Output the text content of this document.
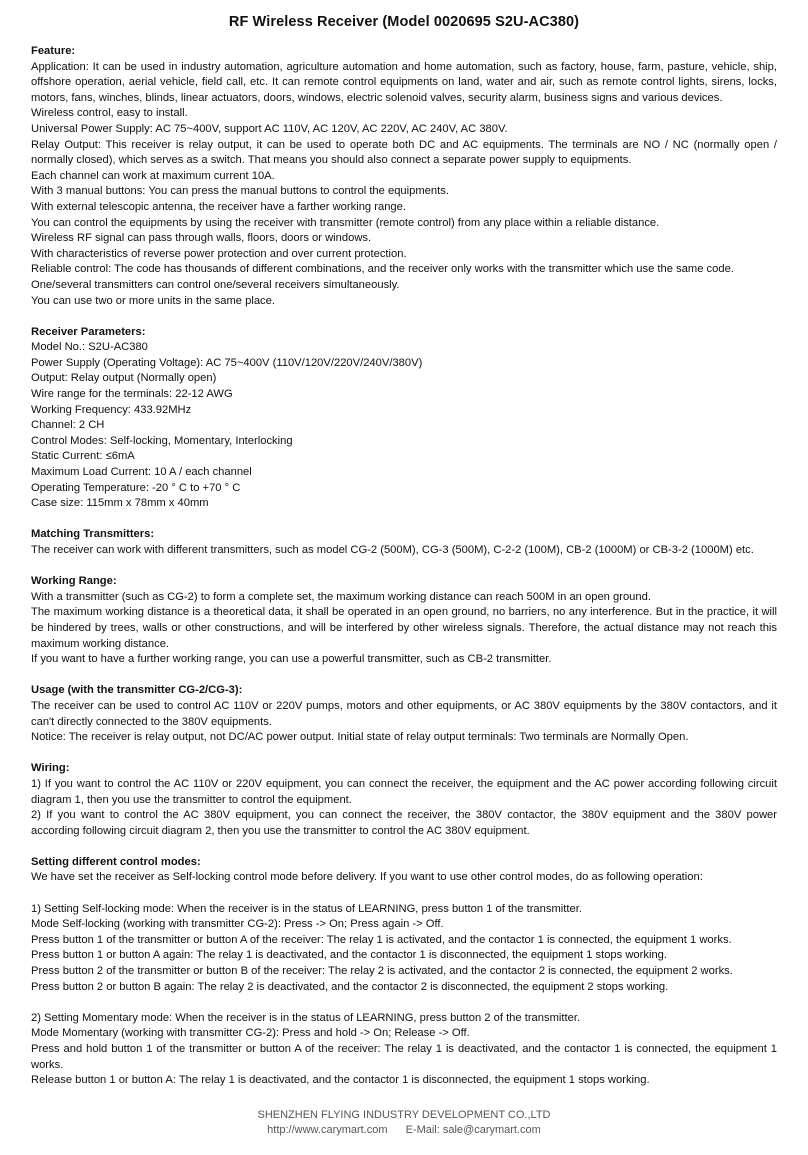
RF Wireless Receiver (Model 0020695 S2U-AC380)
Feature:
Application: It can be used in industry automation, agriculture automation and home automation, such as factory, house, farm, pasture, vehicle, ship, offshore operation, aerial vehicle, field call, etc. It can remote control equipments on land, water and air, such as remote control lights, sirens, locks, motors, fans, winches, blinds, linear actuators, doors, windows, electric solenoid valves, security alarm, business signs and various devices.
Wireless control, easy to install.
Universal Power Supply: AC 75~400V, support AC 110V, AC 120V, AC 220V, AC 240V, AC 380V.
Relay Output: This receiver is relay output, it can be used to operate both DC and AC equipments. The terminals are NO / NC (normally open / normally closed), which serves as a switch. That means you should also connect a separate power supply to equipments.
Each channel can work at maximum current 10A.
With 3 manual buttons: You can press the manual buttons to control the equipments.
With external telescopic antenna, the receiver have a farther working range.
You can control the equipments by using the receiver with transmitter (remote control) from any place within a reliable distance.
Wireless RF signal can pass through walls, floors, doors or windows.
With characteristics of reverse power protection and over current protection.
Reliable control: The code has thousands of different combinations, and the receiver only works with the transmitter which use the same code.
One/several transmitters can control one/several receivers simultaneously.
You can use two or more units in the same place.
Receiver Parameters:
Model No.: S2U-AC380
Power Supply (Operating Voltage): AC 75~400V (110V/120V/220V/240V/380V)
Output: Relay output (Normally open)
Wire range for the terminals: 22-12 AWG
Working Frequency: 433.92MHz
Channel: 2 CH
Control Modes: Self-locking, Momentary, Interlocking
Static Current: ≤6mA
Maximum Load Current: 10 A / each channel
Operating Temperature: -20 ° C to +70 ° C
Case size: 115mm x 78mm x 40mm
Matching Transmitters:
The receiver can work with different transmitters, such as model CG-2 (500M), CG-3 (500M), C-2-2 (100M), CB-2 (1000M) or CB-3-2 (1000M) etc.
Working Range:
With a transmitter (such as CG-2) to form a complete set, the maximum working distance can reach 500M in an open ground.
The maximum working distance is a theoretical data, it shall be operated in an open ground, no barriers, no any interference. But in the practice, it will be hindered by trees, walls or other constructions, and will be interfered by other wireless signals. Therefore, the actual distance may not reach this maximum working distance.
If you want to have a further working range, you can use a powerful transmitter, such as CB-2 transmitter.
Usage (with the transmitter CG-2/CG-3):
The receiver can be used to control AC 110V or 220V pumps, motors and other equipments, or AC 380V equipments by the 380V contactors, and it can't directly connected to the 380V equipments.
Notice: The receiver is relay output, not DC/AC power output. Initial state of relay output terminals: Two terminals are Normally Open.
Wiring:
1) If you want to control the AC 110V or 220V equipment, you can connect the receiver, the equipment and the AC power according following circuit diagram 1, then you use the transmitter to control the equipment.
2) If you want to control the AC 380V equipment, you can connect the receiver, the 380V contactor, the 380V equipment and the 380V power according following circuit diagram 2, then you use the transmitter to control the AC 380V equipment.
Setting different control modes:
We have set the receiver as Self-locking control mode before delivery. If you want to use other control modes, do as following operation:
1) Setting Self-locking mode: When the receiver is in the status of LEARNING, press button 1 of the transmitter.
Mode Self-locking (working with transmitter CG-2): Press -> On; Press again -> Off.
Press button 1 of the transmitter or button A of the receiver: The relay 1 is activated, and the contactor 1 is connected, the equipment 1 works.
Press button 1 or button A again: The relay 1 is deactivated, and the contactor 1 is disconnected, the equipment 1 stops working.
Press button 2 of the transmitter or button B of the receiver: The relay 2 is activated, and the contactor 2 is connected, the equipment 2 works.
Press button 2 or button B again: The relay 2 is deactivated, and the contactor 2 is disconnected, the equipment 2 stops working.
2) Setting Momentary mode: When the receiver is in the status of LEARNING, press button 2 of the transmitter.
Mode Momentary (working with transmitter CG-2): Press and hold -> On; Release -> Off.
Press and hold button 1 of the transmitter or button A of the receiver: The relay 1 is deactivated, and the contactor 1 is connected, the equipment 1 works.
Release button 1 or button A: The relay 1 is deactivated, and the contactor 1 is disconnected, the equipment 1 stops working.
SHENZHEN FLYING INDUSTRY DEVELOPMENT CO.,LTD
http://www.carymart.com E-Mail: sale@carymart.com
